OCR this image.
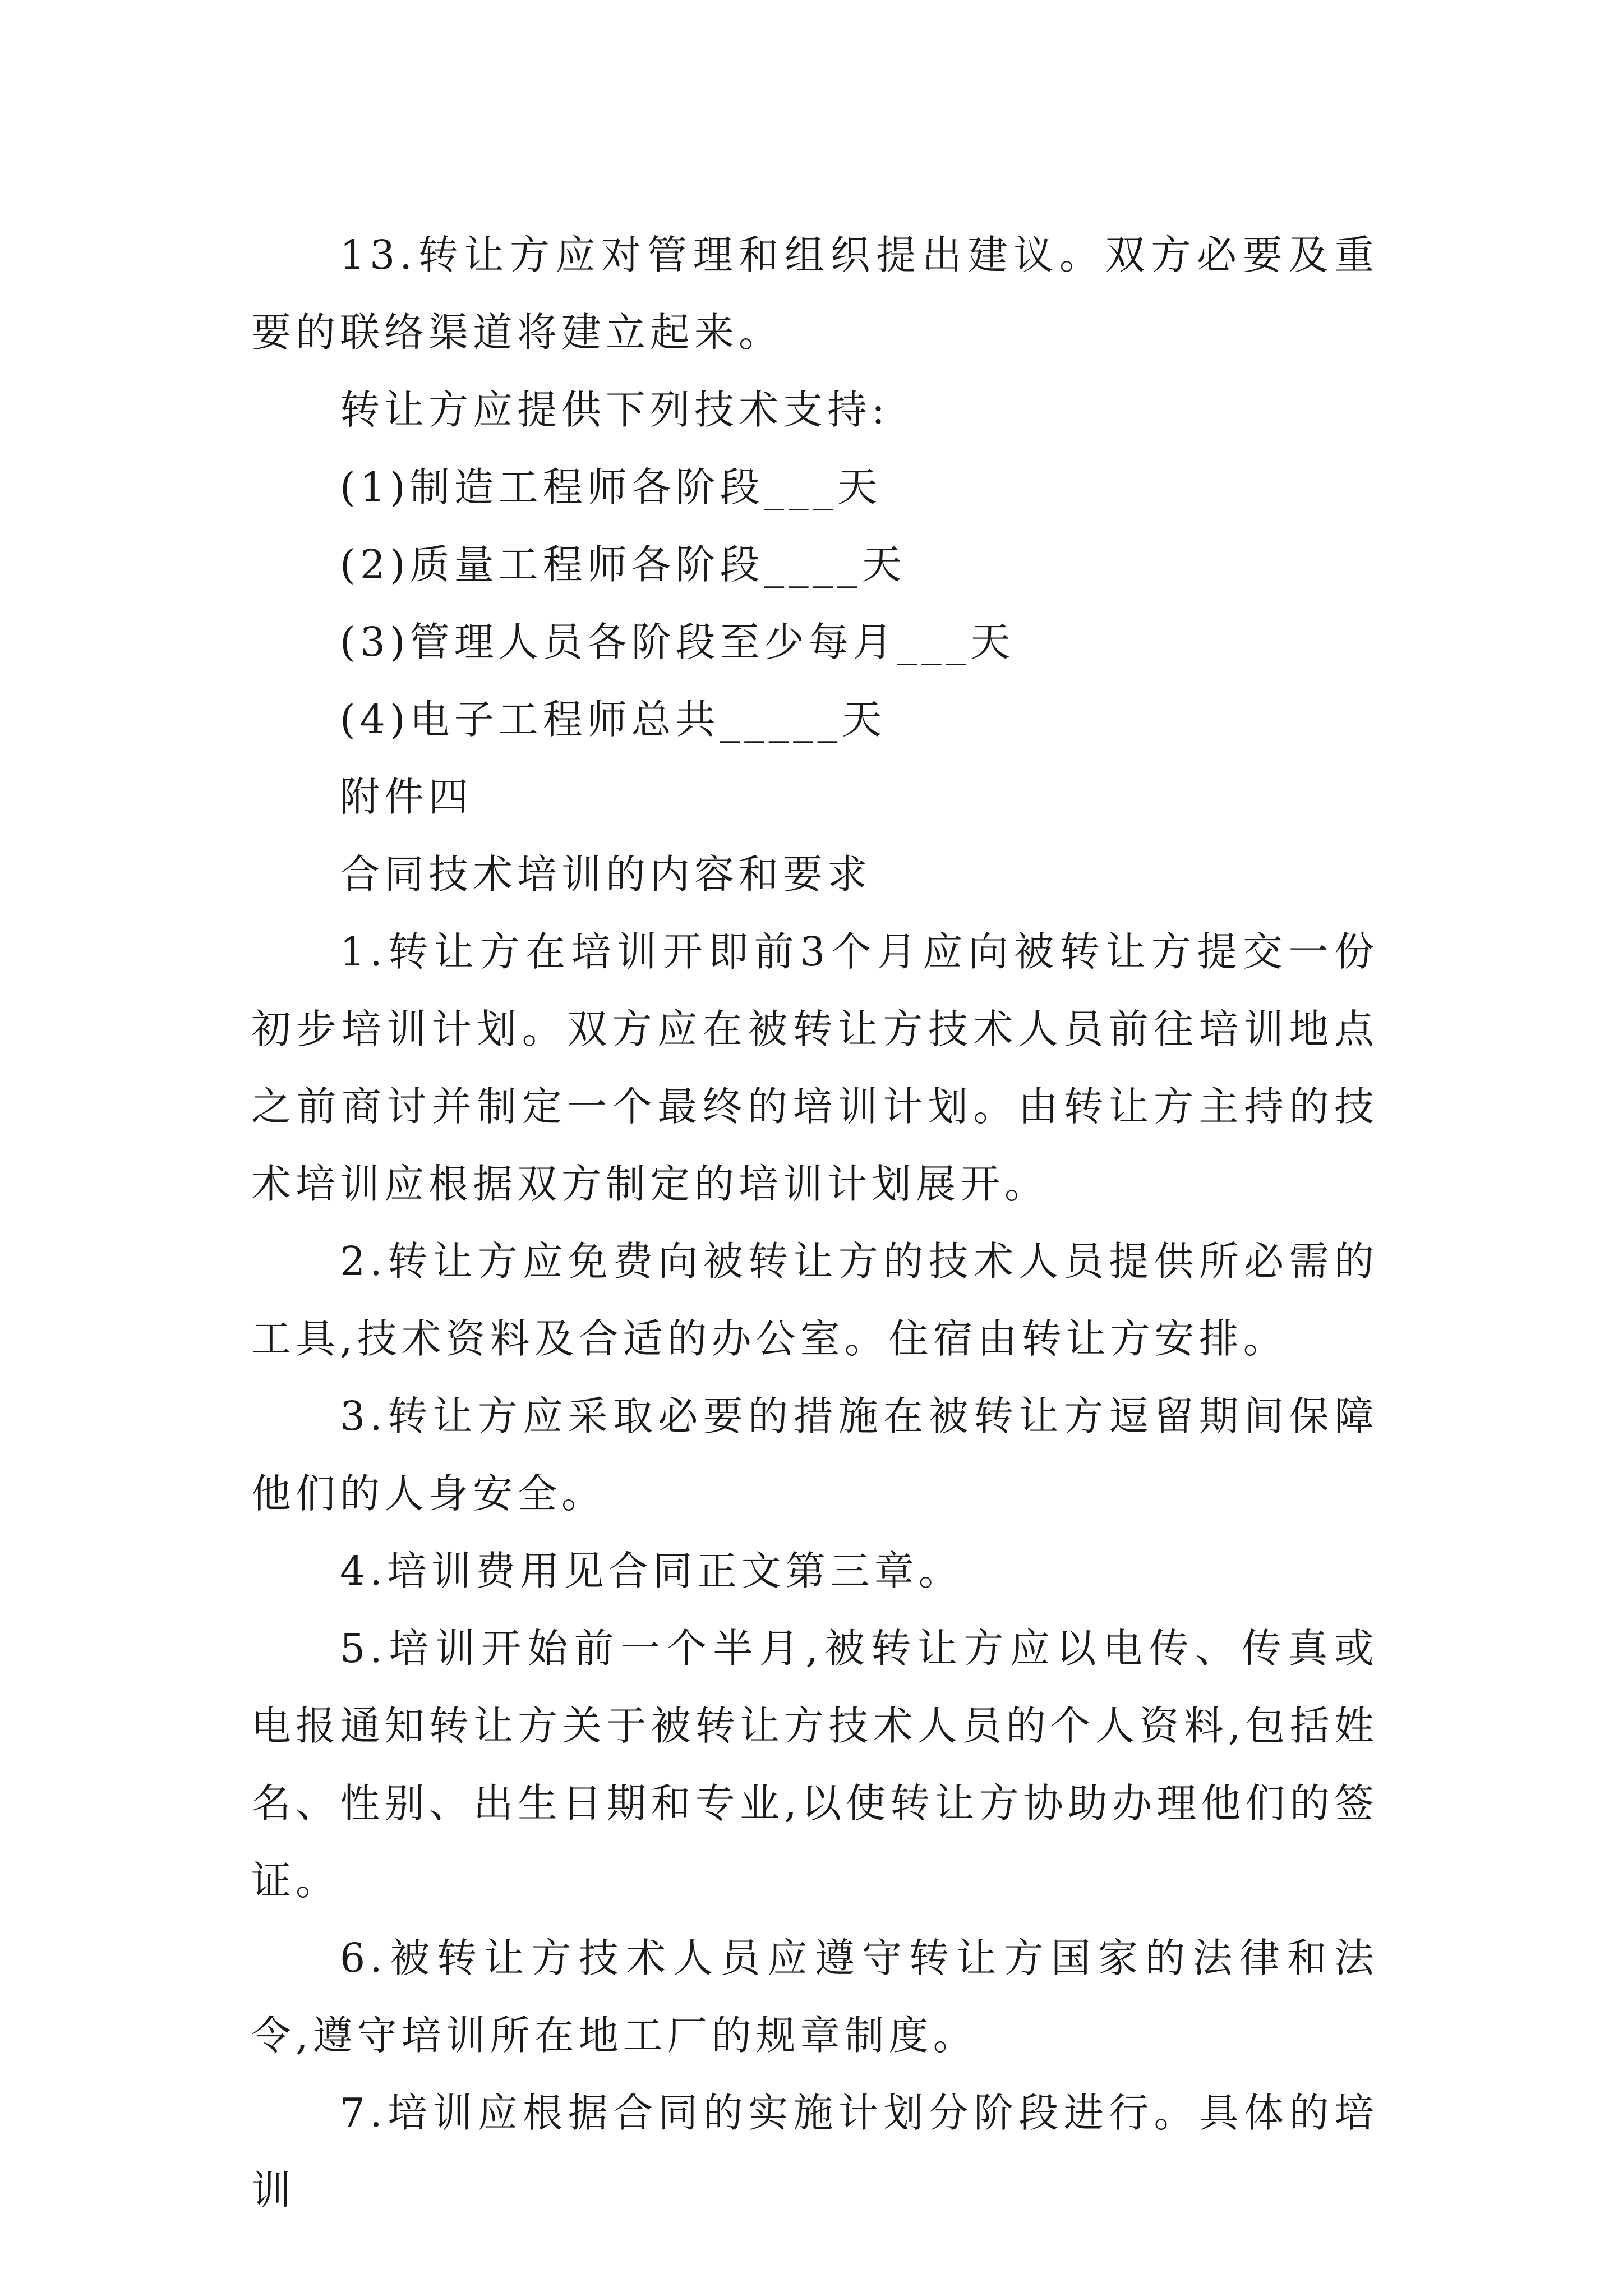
13.转让方应对管理和组织提出建议。双方必要及重要的联络渠道将建立起来。

转让方应提供下列技术支持:

(1)制造工程师各阶段___天

(2)质量工程师各阶段____天

(3)管理人员各阶段至少每月___天

(4)电子工程师总共_____天

附件四

合同技术培训的内容和要求

1.转让方在培训开即前3个月应向被转让方提交一份初步培训计划。双方应在被转让方技术人员前往培训地点之前商讨并制定一个最终的培训计划。由转让方主持的技术培训应根据双方制定的培训计划展开。

2.转让方应免费向被转让方的技术人员提供所必需的工具,技术资料及合适的办公室。住宿由转让方安排。

3.转让方应采取必要的措施在被转让方逗留期间保障他们的人身安全。

4.培训费用见合同正文第三章。

5.培训开始前一个半月,被转让方应以电传、传真或电报通知转让方关于被转让方技术人员的个人资料,包括姓名、性别、出生日期和专业,以使转让方协助办理他们的签证。

6.被转让方技术人员应遵守转让方国家的法律和法令,遵守培训所在地工厂的规章制度。

7.培训应根据合同的实施计划分阶段进行。具体的培训
